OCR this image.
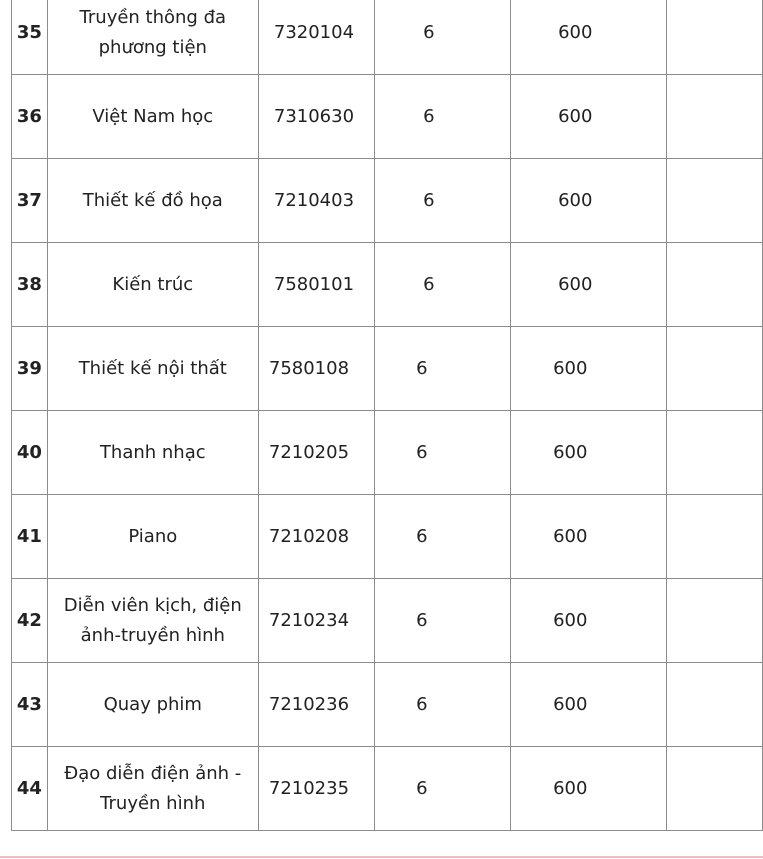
35	Truyền thông đa phương tiện	7320104	6	600	
36	Việt Nam học	7310630	6	600	
37	Thiết kế đồ họa	7210403	6	600	
38	Kiến trúc	7580101	6	600	
39	Thiết kế nội thất	7580108	6	600	
40	Thanh nhạc	7210205	6	600	
41	Piano	7210208	6	600	
42	Diễn viên kịch, điện ảnh-truyền hình	7210234	6	600	
43	Quay phim	7210236	6	600	
44	Đạo diễn điện ảnh - Truyền hình	7210235	6	600	
